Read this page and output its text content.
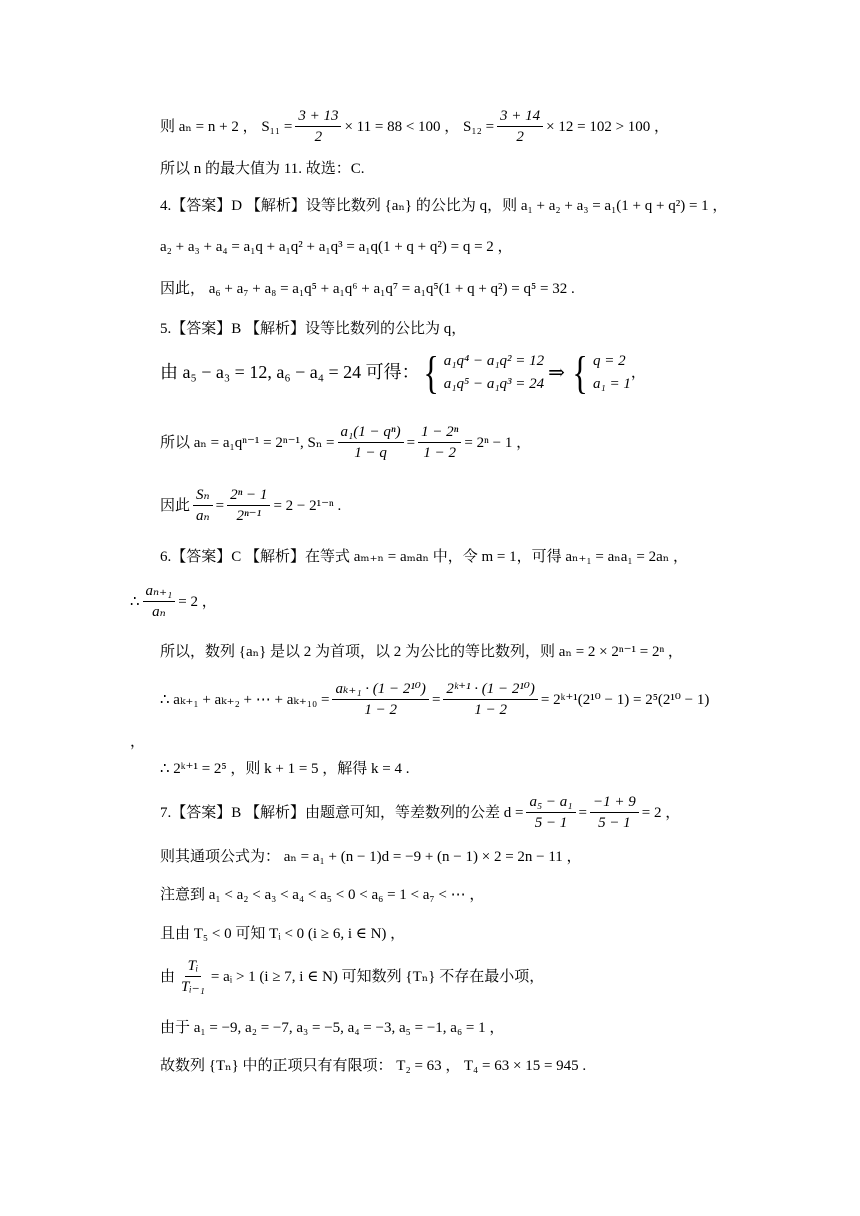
则 aₙ = n + 2 ， $S_{11} = \frac{3 + 13}{2} \times 11 = 88 < 100$ ， $S_{12} = \frac{3 + 14}{2} \times 12 = 102 > 100$ ，
所以 n 的最大值为 11. 故选：C.
4.【答案】D 【解析】设等比数列 {aₙ} 的公比为 q，则 a₁ + a₂ + a₃ = a₁(1 + q + q²) = 1 ，
a₂ + a₃ + a₄ = a₁q + a₁q² + a₁q³ = a₁q(1 + q + q²) = q = 2 ，
因此， a₆ + a₇ + a₈ = a₁q⁵ + a₁q⁶ + a₁q⁷ = a₁q⁵(1 + q + q²) = q⁵ = 32 .
5.【答案】B 【解析】设等比数列的公比为 q，
由 a₅ − a₃ = 12, a₆ − a₄ = 24 可得： { a₁q⁴ − a₁q² = 12
a₁q⁵ − a₁q³ = 24 ⇒ { q = 2
a₁ = 1
，
所以 aₙ = a₁qⁿ⁻¹ = 2ⁿ⁻¹, $S_n = \frac{\text{a₁(1 − qⁿ)}}{1 - q} = \frac{\text{1 − 2ⁿ}}{1 - 2} = 2^n - 1$ ，
因此 $\frac{\text{Sₙ}}{\text{aₙ}} = \frac{\text{2ⁿ − 1}}{\text{2ⁿ⁻¹}} = 2 - 2^{1-n}$ .
6.【答案】C 【解析】在等式 aₘ₊ₙ = aₘaₙ 中，令 m = 1，可得 aₙ₊₁ = aₙa₁ = 2aₙ ，
∴ $\frac{\text{aₙ₊₁}}{\text{aₙ}} = 2$ ，
所以，数列 {aₙ} 是以 2 为首项，以 2 为公比的等比数列，则 aₙ = 2 × 2ⁿ⁻¹ = 2ⁿ ，
∴ aₖ₊₁ + aₖ₊₂ + ⋯ + $a_{k+10} = \frac{\text{aₖ₊₁ · (1 − 2¹⁰)}}{1 - 2} = \frac{\text{2ᵏ⁺¹ · (1 − 2¹⁰)}}{1 - 2}$ = 2ᵏ⁺¹(2¹⁰ − 1) = 2⁵(2¹⁰ − 1)
，
∴ 2ᵏ⁺¹ = 2⁵ ，则 k + 1 = 5 ，解得 k = 4 .
7.【答案】B 【解析】由题意可知，等差数列的公差 $d = \frac{\text{a₅ − a₁}}{5 - 1} = \frac{-1 + 9}{5 - 1} = 2$ ，
则其通项公式为： aₙ = a₁ + (n − 1)d = −9 + (n − 1) × 2 = 2n − 11 ，
注意到 a₁ < a₂ < a₃ < a₄ < a₅ < 0 < a₆ = 1 < a₇ < ⋯ ，
且由 T₅ < 0 可知 Tᵢ < 0 (i ≥ 6, i ∈ N) ，
由 $\frac{\text{Tᵢ}}{\text{Tᵢ₋₁}}$ = aᵢ > 1 (i ≥ 7, i ∈ N) 可知数列 {Tₙ} 不存在最小项，
由于 a₁ = −9, a₂ = −7, a₃ = −5, a₄ = −3, a₅ = −1, a₆ = 1 ，
故数列 {Tₙ} 中的正项只有有限项： T₂ = 63 ， T₄ = 63 × 15 = 945 .
